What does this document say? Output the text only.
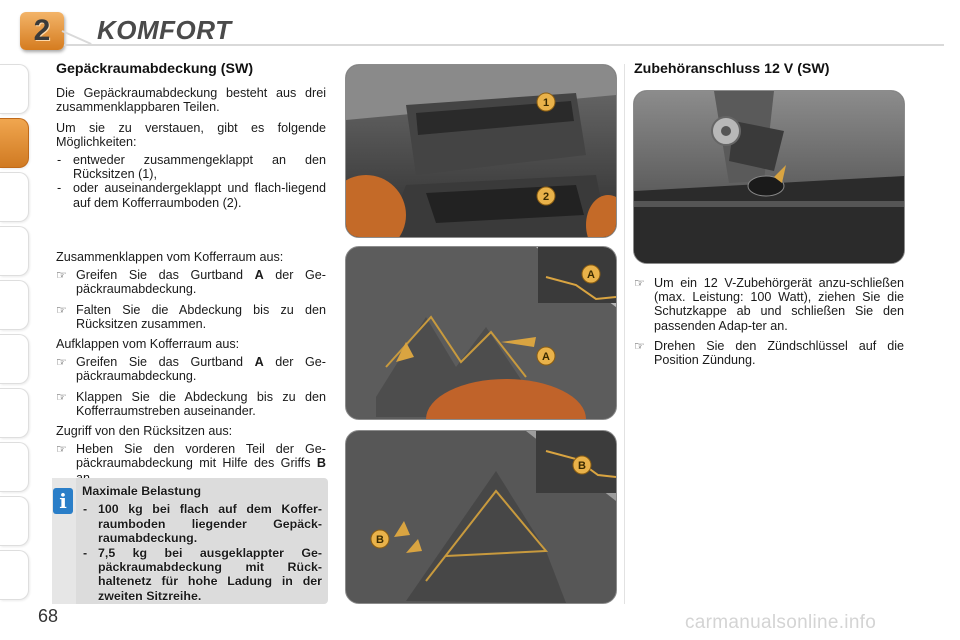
2	KOMFORT
Gepäckraumabdeckung (SW)

Die Gepäckraumabdeckung besteht aus drei zusammenklappbaren Teilen.

Um sie zu verstauen, gibt es folgende Möglichkeiten:

- entweder zusammengeklappt an den Rücksitzen (1),
- oder auseinandergeklappt und flach-liegend auf dem Kofferraumboden (2).

Zusammenklappen vom Kofferraum aus:

☞ Greifen Sie das Gurtband A der Ge-päckraumabdeckung.
☞ Falten Sie die Abdeckung bis zu den Rücksitzen zusammen.

Aufklappen vom Kofferraum aus:

☞ Greifen Sie das Gurtband A der Ge-päckraumabdeckung.
☞ Klappen Sie die Abdeckung bis zu den Kofferraumstreben auseinander.

Zugriff von den Rücksitzen aus:

☞ Heben Sie den vorderen Teil der Ge-päckraumabdeckung mit Hilfe des Griffs B
i	Maximale Belastung
- 100 kg bei flach auf dem Koffer-raumboden liegender Gepäck-raumabdeckung.
- 7,5 kg bei ausgeklappter Ge-päckraumabdeckung mit Rück-haltenetz für hohe Ladung in der zweiten Sitzreihe.
1
2
A
A
B
B
Zubehöranschluss 12 V (SW)
☞ Um ein 12 V-Zubehörgerät anzu-schließen (max. Leistung: 100 Watt), ziehen Sie die Schutzkappe ab und schließen Sie den passenden Adap-ter an.
☞ Drehen Sie den Zündschlüssel auf die Position Zündung.
68	carmanualsonline.info
